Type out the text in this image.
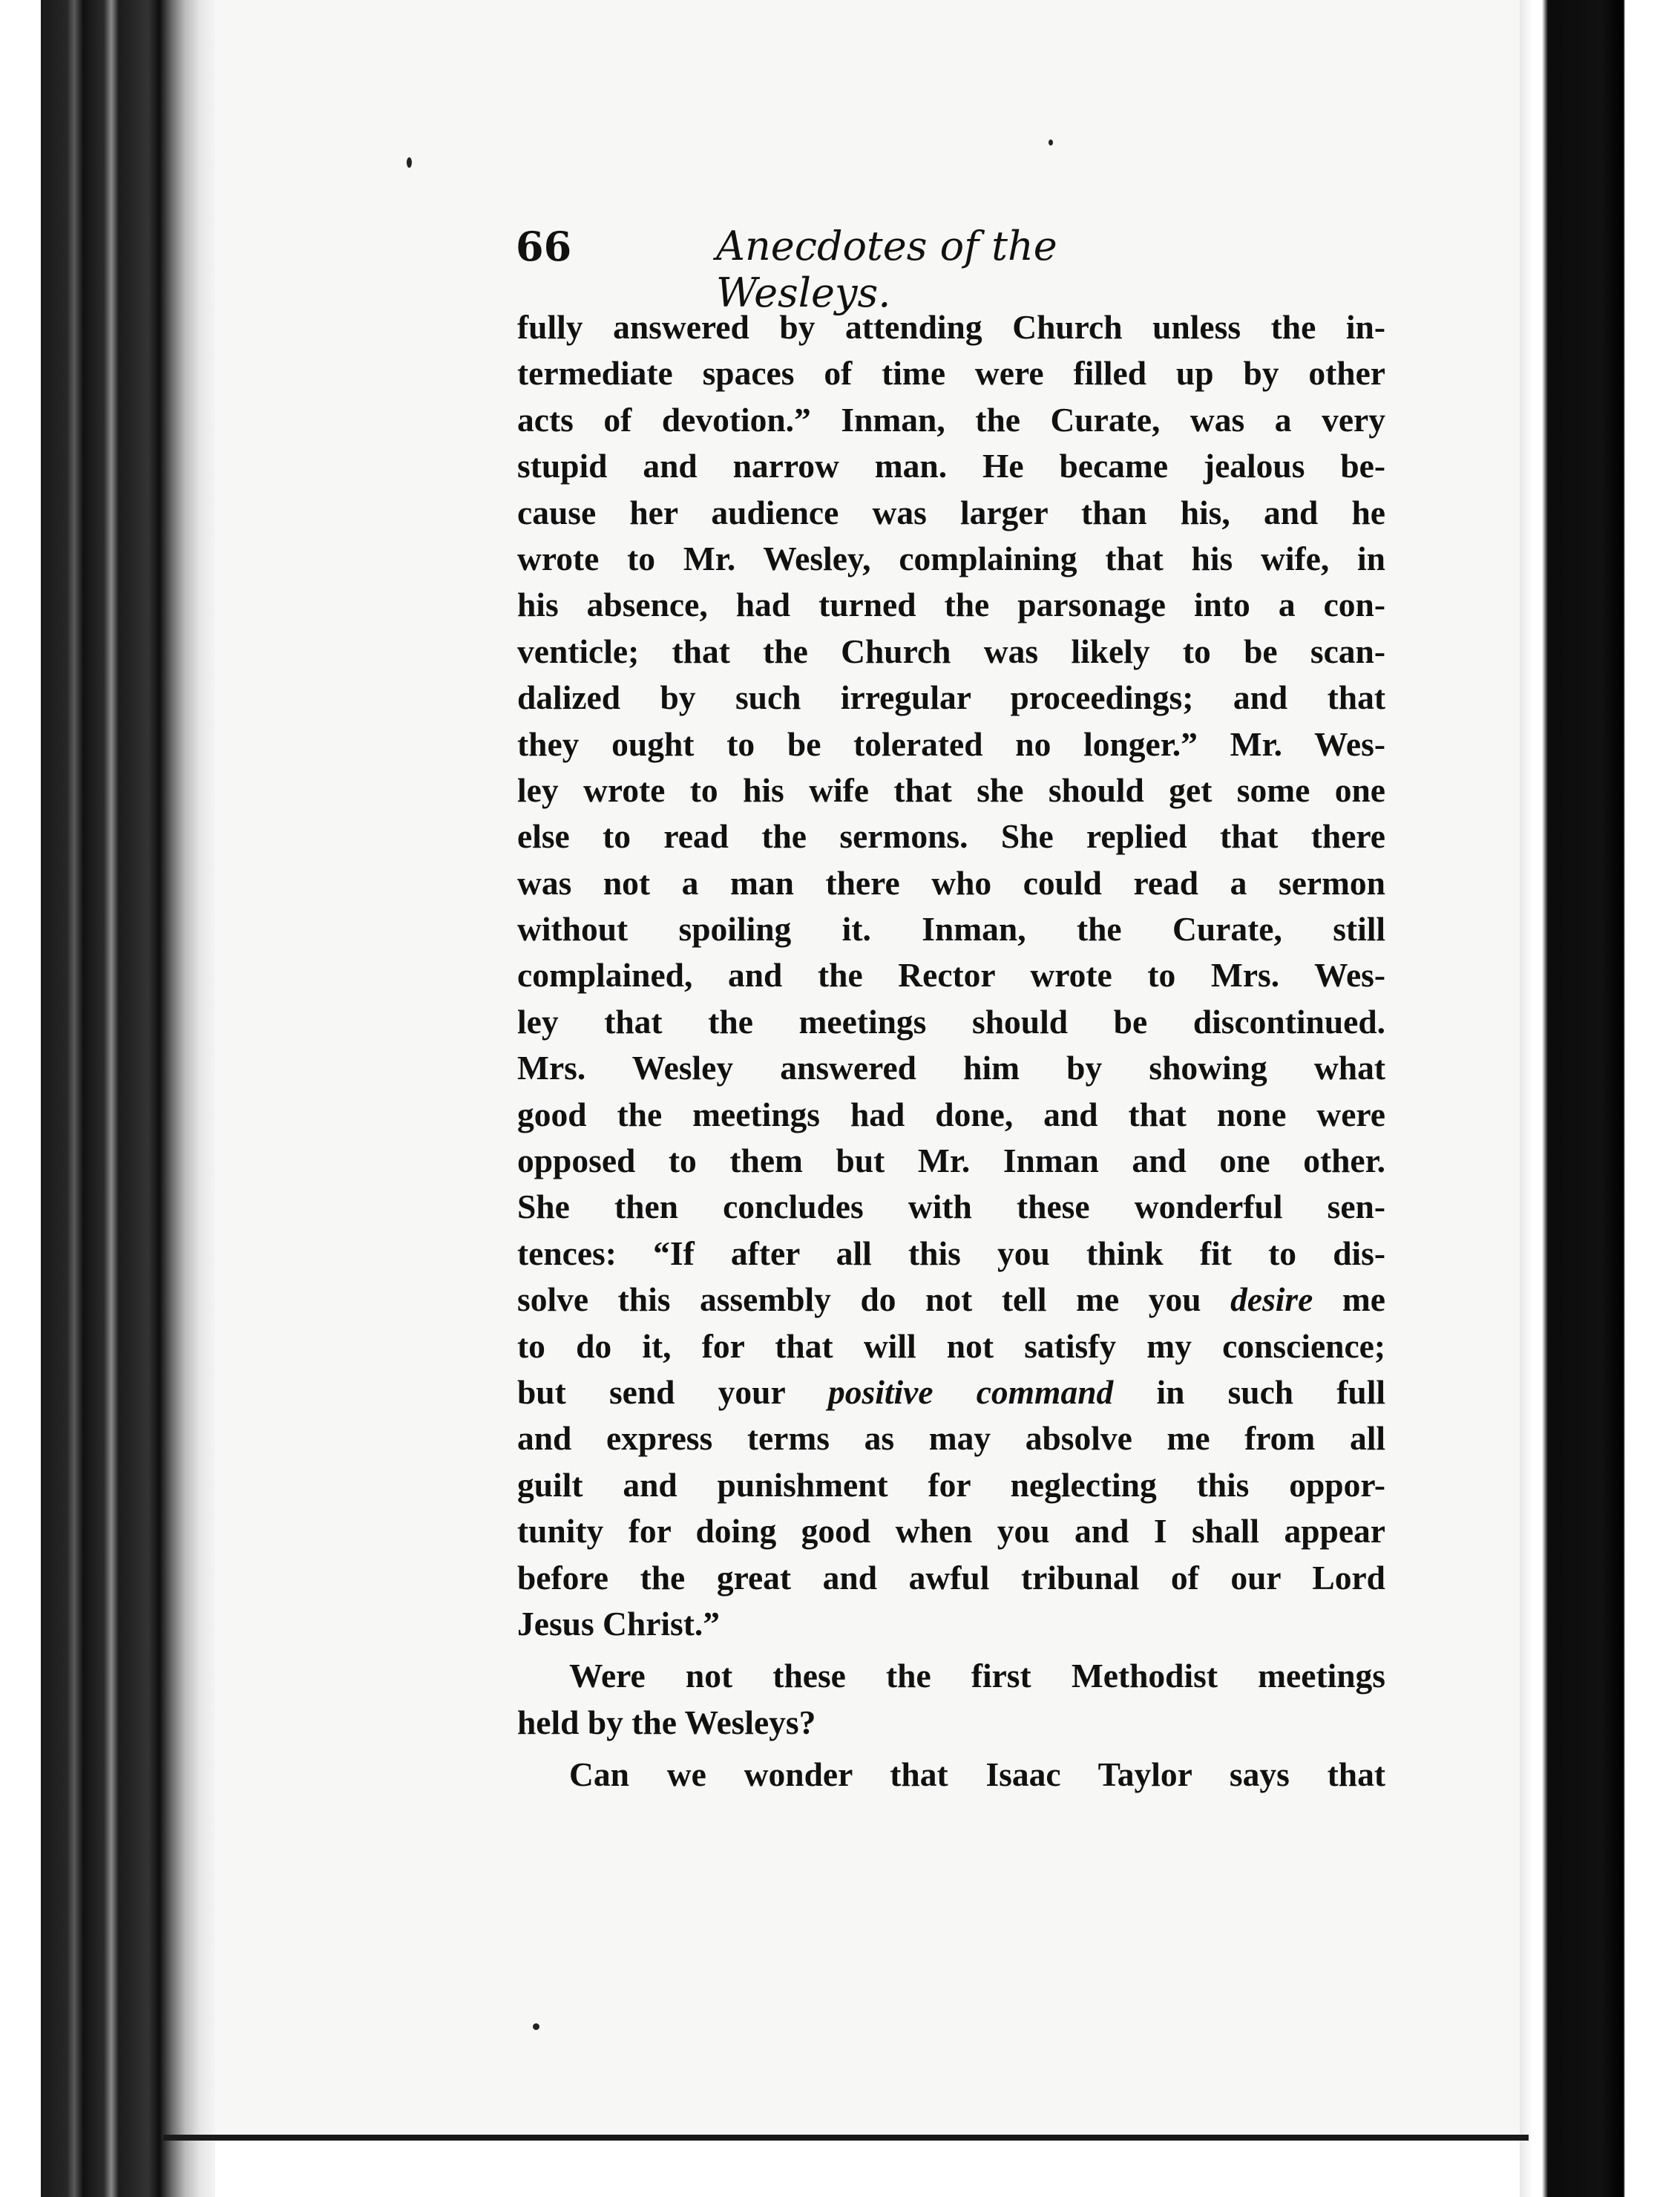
66	Anecdotes of the Wesleys.
fully answered by attending Church unless the in-
termediate spaces of time were filled up by other
acts of devotion.” Inman, the Curate, was a very
stupid and narrow man. He became jealous be-
cause her audience was larger than his, and he
wrote to Mr. Wesley, complaining that his wife, in
his absence, had turned the parsonage into a con-
venticle; that the Church was likely to be scan-
dalized by such irregular proceedings; and that
they ought to be tolerated no longer.” Mr. Wes-
ley wrote to his wife that she should get some one
else to read the sermons. She replied that there
was not a man there who could read a sermon
without spoiling it. Inman, the Curate, still
complained, and the Rector wrote to Mrs. Wes-
ley that the meetings should be discontinued.
Mrs. Wesley answered him by showing what
good the meetings had done, and that none were
opposed to them but Mr. Inman and one other.
She then concludes with these wonderful sen-
tences: “If after all this you think fit to dis-
solve this assembly do not tell me you desire me
to do it, for that will not satisfy my conscience;
but send your positive command in such full
and express terms as may absolve me from all
guilt and punishment for neglecting this oppor-
tunity for doing good when you and I shall appear
before the great and awful tribunal of our Lord
Jesus Christ.”
Were not these the first Methodist meetings
held by the Wesleys?
Can we wonder that Isaac Taylor says that
